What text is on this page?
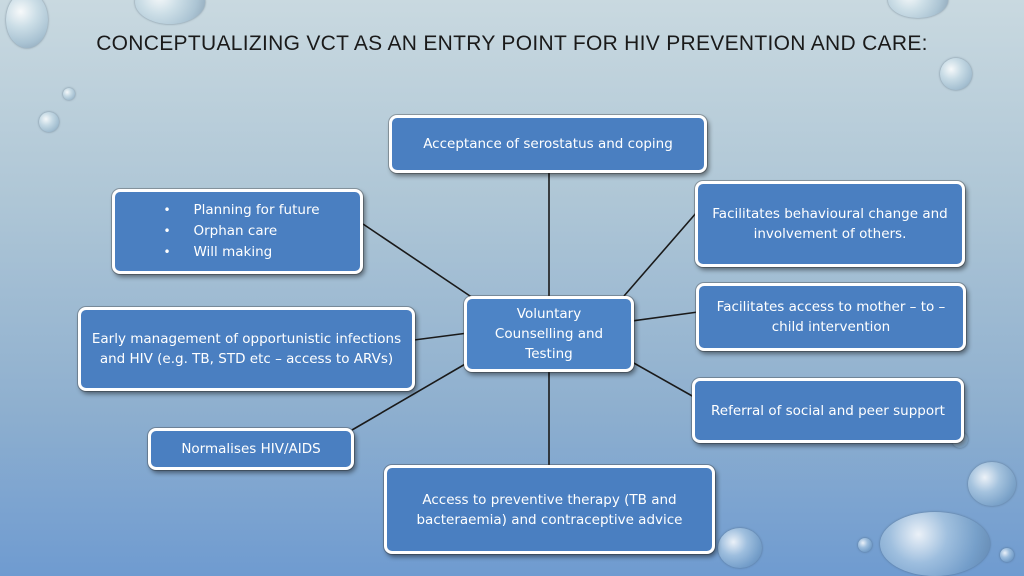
CONCEPTUALIZING VCT AS AN ENTRY POINT FOR HIV PREVENTION AND CARE:
Acceptance of serostatus and coping
• Planning for future
• Orphan care
• Will making
Early management of opportunistic infections and HIV (e.g. TB, STD etc – access to ARVs)
Normalises HIV/AIDS
Voluntary Counselling and Testing
Facilitates behavioural change and involvement of others.
Facilitates access to mother – to – child intervention
Referral of social and peer support
Access to preventive therapy (TB and bacteraemia) and contraceptive advice
